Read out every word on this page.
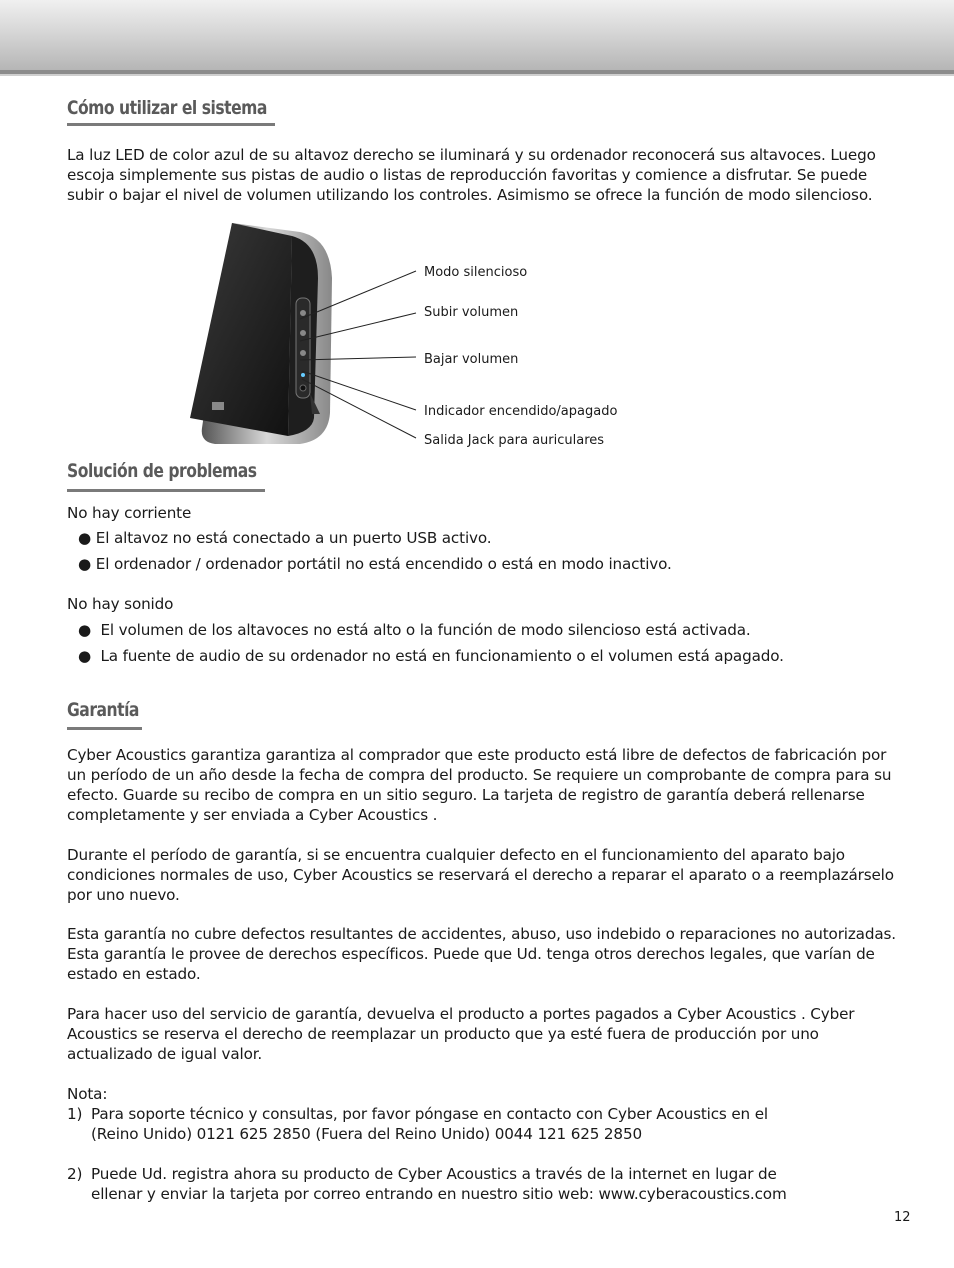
Cómo utilizar el sistema

La luz LED de color azul de su altavoz derecho se iluminará y su ordenador reconocerá sus altavoces. Luego escoja simplemente sus pistas de audio o listas de reproducción favoritas y comience a disfrutar. Se puede subir o bajar el nivel de volumen utilizando los controles. Asimismo se ofrece la función de modo silencioso.

Modo silencioso
Subir volumen
Bajar volumen
Indicador encendido/apagado
Salida Jack para auriculares
Solución de problemas
No hay corriente
● El altavoz no está conectado a un puerto USB activo.
● El ordenador / ordenador portátil no está encendido o está en modo inactivo.
No hay sonido
● El volumen de los altavoces no está alto o la función de modo silencioso está activada.
● La fuente de audio de su ordenador no está en funcionamiento o el volumen está apagado.
Garantía

Cyber Acoustics garantiza garantiza al comprador que este producto está libre de defectos de fabricación por un período de un año desde la fecha de compra del producto. Se requiere un comprobante de compra para su efecto. Guarde su recibo de compra en un sitio seguro. La tarjeta de registro de garantía deberá rellenarse completamente y ser enviada a Cyber Acoustics .

Durante el período de garantía, si se encuentra cualquier defecto en el funcionamiento del aparato bajo condiciones normales de uso, Cyber Acoustics se reservará el derecho a reparar el aparato o a reemplazárselo por uno nuevo.

Esta garantía no cubre defectos resultantes de accidentes, abuso, uso indebido o reparaciones no autorizadas. Esta garantía le provee de derechos específicos. Puede que Ud. tenga otros derechos legales, que varían de estado en estado.

Para hacer uso del servicio de garantía, devuelva el producto a portes pagados a Cyber Acoustics . Cyber Acoustics se reserva el derecho de reemplazar un producto que ya esté fuera de producción por uno actualizado de igual valor.

Nota:
1) Para soporte técnico y consultas, por favor póngase en contacto con Cyber Acoustics en el
(Reino Unido) 0121 625 2850 (Fuera del Reino Unido) 0044 121 625 2850
2) Puede Ud. registra ahora su producto de Cyber Acoustics a través de la internet en lugar de
ellenar y enviar la tarjeta por correo entrando en nuestro sitio web: www.cyberacoustics.com
12
